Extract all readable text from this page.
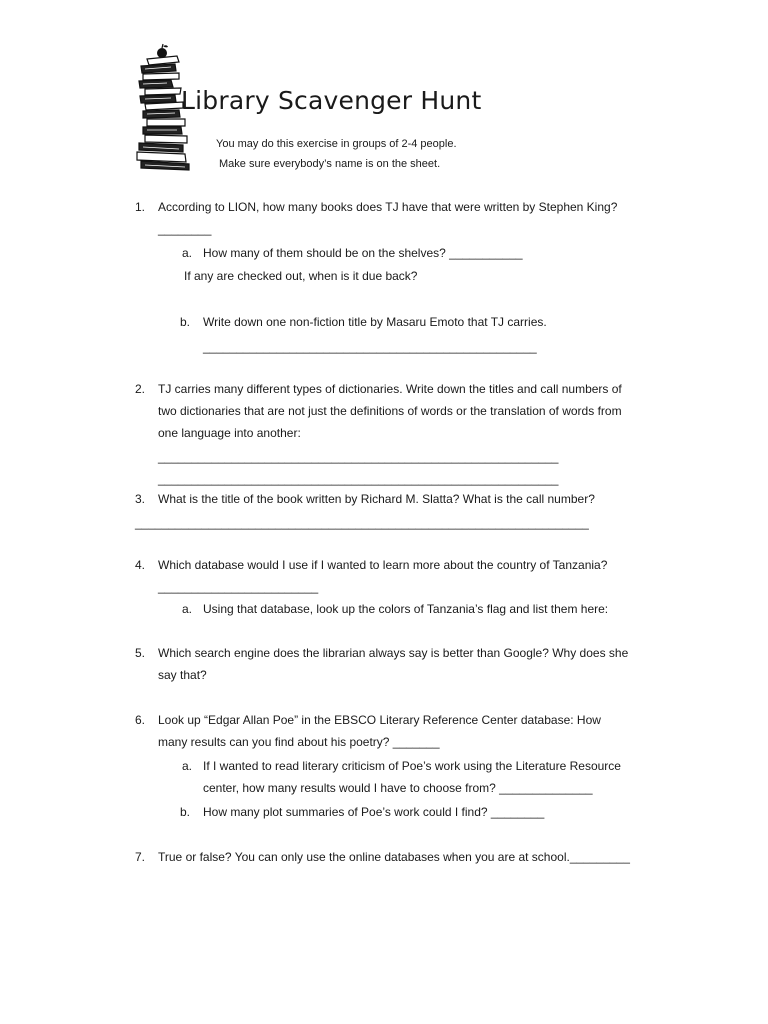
Library Scavenger Hunt
You may do this exercise in groups of 2-4 people.
Make sure everybody’s name is on the sheet.
1.	According to LION, how many books does TJ have that were written by Stephen King?
________
a. How many of them should be on the shelves? ___________
If any are checked out, when is it due back?
b.	Write down one non-fiction title by Masaru Emoto that TJ carries.
__________________________________________________
2.	TJ carries many different types of dictionaries. Write down the titles and call numbers of
two dictionaries that are not just the definitions of words or the translation of words from
one language into another:
____________________________________________________________
____________________________________________________________
3.	What is the title of the book written by Richard M. Slatta? What is the call number?
____________________________________________________________________
4.	Which database would I use if I wanted to learn more about the country of Tanzania?
________________________
a. Using that database, look up the colors of Tanzania’s flag and list them here:
5.	Which search engine does the librarian always say is better than Google? Why does she
say that?
6.	Look up “Edgar Allan Poe” in the EBSCO Literary Reference Center database: How
many results can you find about his poetry? _______
a. If I wanted to read literary criticism of Poe’s work using the Literature Resource
center, how many results would I have to choose from? ______________
b.	How many plot summaries of Poe’s work could I find? ________
7.	True or false? You can only use the online databases when you are at school._________
